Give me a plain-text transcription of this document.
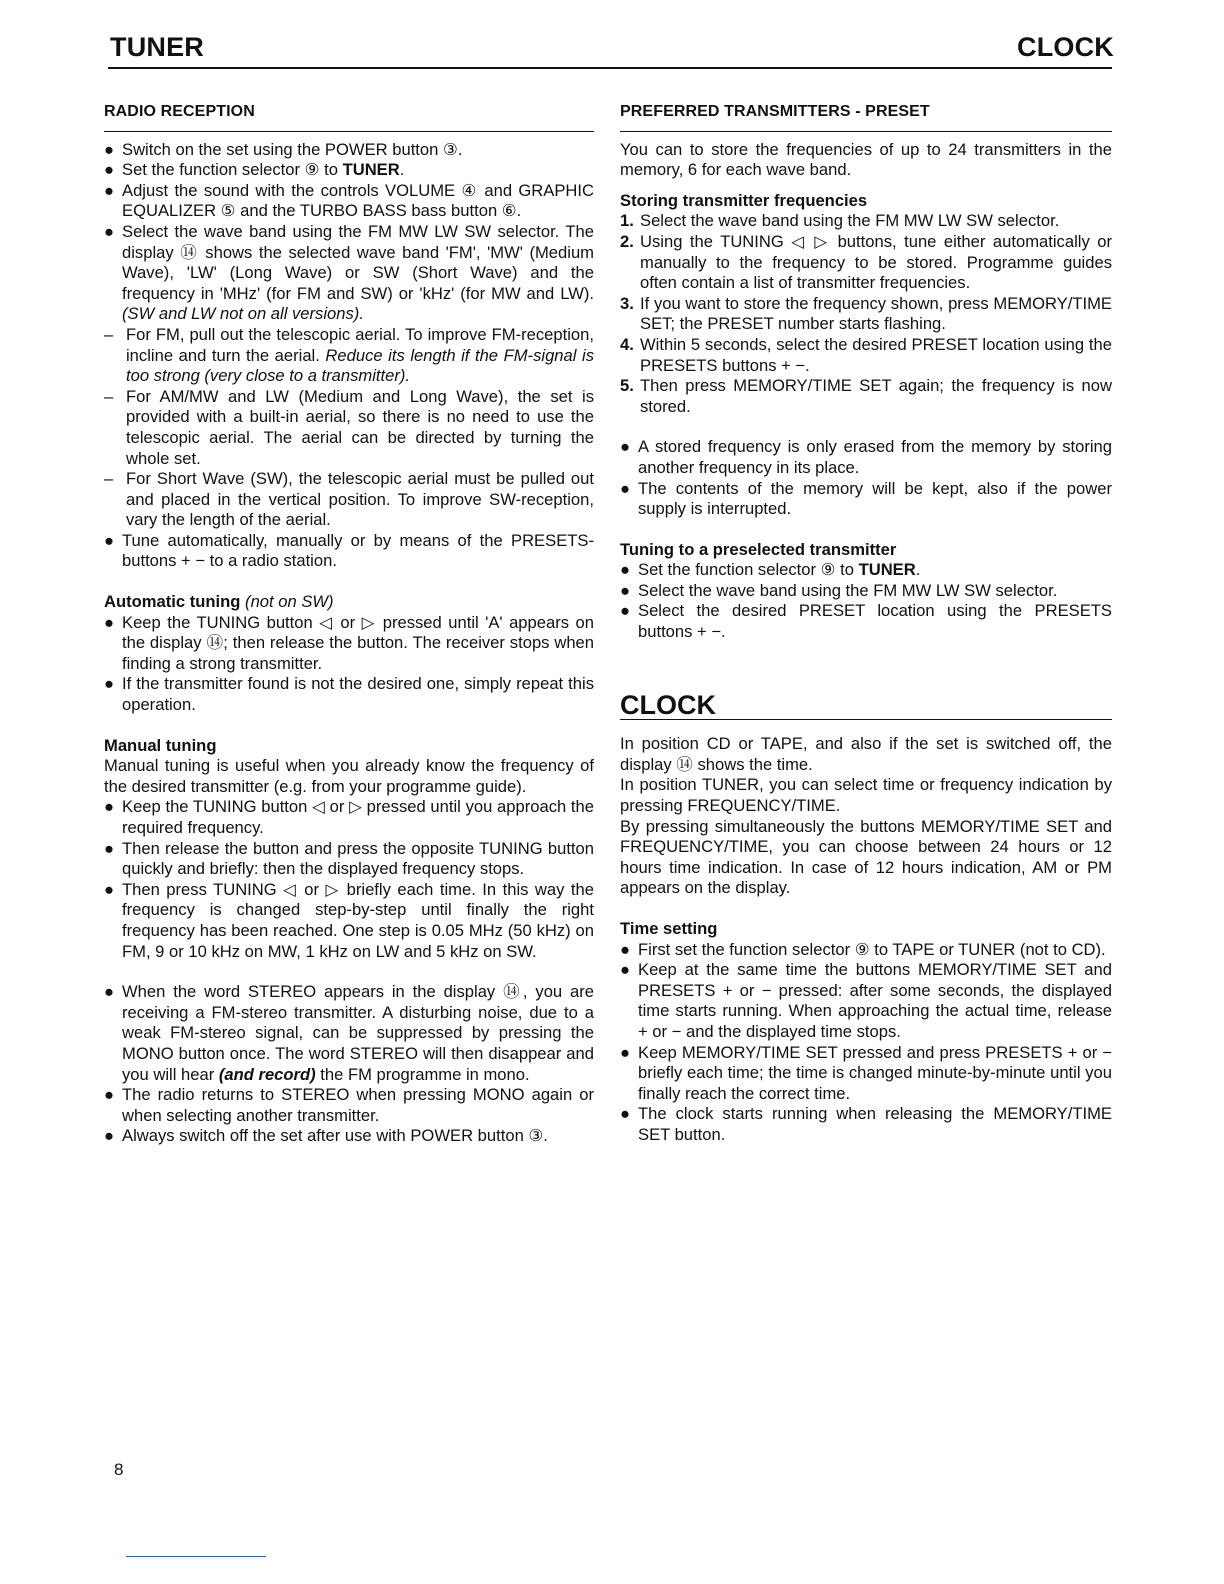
TUNER	CLOCK
RADIO RECEPTION
● Switch on the set using the POWER button ③.
● Set the function selector ⑨ to TUNER.
● Adjust the sound with the controls VOLUME ④ and GRAPHIC EQUALIZER ⑤ and the TURBO BASS bass button ⑥.
● Select the wave band using the FM MW LW SW selector. The display ⑭ shows the selected wave band 'FM', 'MW' (Medium Wave), 'LW' (Long Wave) or SW (Short Wave) and the frequency in 'MHz' (for FM and SW) or 'kHz' (for MW and LW). (SW and LW not on all versions).
– For FM, pull out the telescopic aerial. To improve FM-reception, incline and turn the aerial. Reduce its length if the FM-signal is too strong (very close to a transmitter).
– For AM/MW and LW (Medium and Long Wave), the set is provided with a built-in aerial, so there is no need to use the telescopic aerial. The aerial can be directed by turning the whole set.
– For Short Wave (SW), the telescopic aerial must be pulled out and placed in the vertical position. To improve SW-reception, vary the length of the aerial.
● Tune automatically, manually or by means of the PRESETS-buttons + − to a radio station.

Automatic tuning (not on SW)

● Keep the TUNING button ◁ or ▷ pressed until 'A' appears on the display ⑭; then release the button. The receiver stops when finding a strong transmitter.
● If the transmitter found is not the desired one, simply repeat this operation.

Manual tuning

Manual tuning is useful when you already know the frequency of the desired transmitter (e.g. from your programme guide).

● Keep the TUNING button ◁ or ▷ pressed until you approach the required frequency.
● Then release the button and press the opposite TUNING button quickly and briefly: then the displayed frequency stops.
● Then press TUNING ◁ or ▷ briefly each time. In this way the frequency is changed step-by-step until finally the right frequency has been reached. One step is 0.05 MHz (50 kHz) on FM, 9 or 10 kHz on MW, 1 kHz on LW and 5 kHz on SW.
● When the word STEREO appears in the display ⑭, you are receiving a FM-stereo transmitter. A disturbing noise, due to a weak FM-stereo signal, can be suppressed by pressing the MONO button once. The word STEREO will then disappear and you will hear (and record) the FM programme in mono.
● The radio returns to STEREO when pressing MONO again or when selecting another transmitter.
● Always switch off the set after use with POWER button ③.
PREFERRED TRANSMITTERS - PRESET

You can to store the frequencies of up to 24 transmitters in the memory, 6 for each wave band.

Storing transmitter frequencies

1. Select the wave band using the FM MW LW SW selector.
2. Using the TUNING ◁ ▷ buttons, tune either automatically or manually to the frequency to be stored. Programme guides often contain a list of transmitter frequencies.
3. If you want to store the frequency shown, press MEMORY/TIME SET; the PRESET number starts flashing.
4. Within 5 seconds, select the desired PRESET location using the PRESETS buttons + −.
5. Then press MEMORY/TIME SET again; the frequency is now stored.
● A stored frequency is only erased from the memory by storing another frequency in its place.
● The contents of the memory will be kept, also if the power supply is interrupted.

Tuning to a preselected transmitter

● Set the function selector ⑨ to TUNER.
● Select the wave band using the FM MW LW SW selector.
● Select the desired PRESET location using the PRESETS buttons + −.
CLOCK

In position CD or TAPE, and also if the set is switched off, the display ⑭ shows the time.

In position TUNER, you can select time or frequency indication by pressing FREQUENCY/TIME.

By pressing simultaneously the buttons MEMORY/TIME SET and FREQUENCY/TIME, you can choose between 24 hours or 12 hours time indication. In case of 12 hours indication, AM or PM appears on the display.

Time setting

● First set the function selector ⑨ to TAPE or TUNER (not to CD).
● Keep at the same time the buttons MEMORY/TIME SET and PRESETS + or − pressed: after some seconds, the displayed time starts running. When approaching the actual time, release + or − and the displayed time stops.
● Keep MEMORY/TIME SET pressed and press PRESETS + or − briefly each time; the time is changed minute-by-minute until you finally reach the correct time.
● The clock starts running when releasing the MEMORY/TIME SET button.
8
